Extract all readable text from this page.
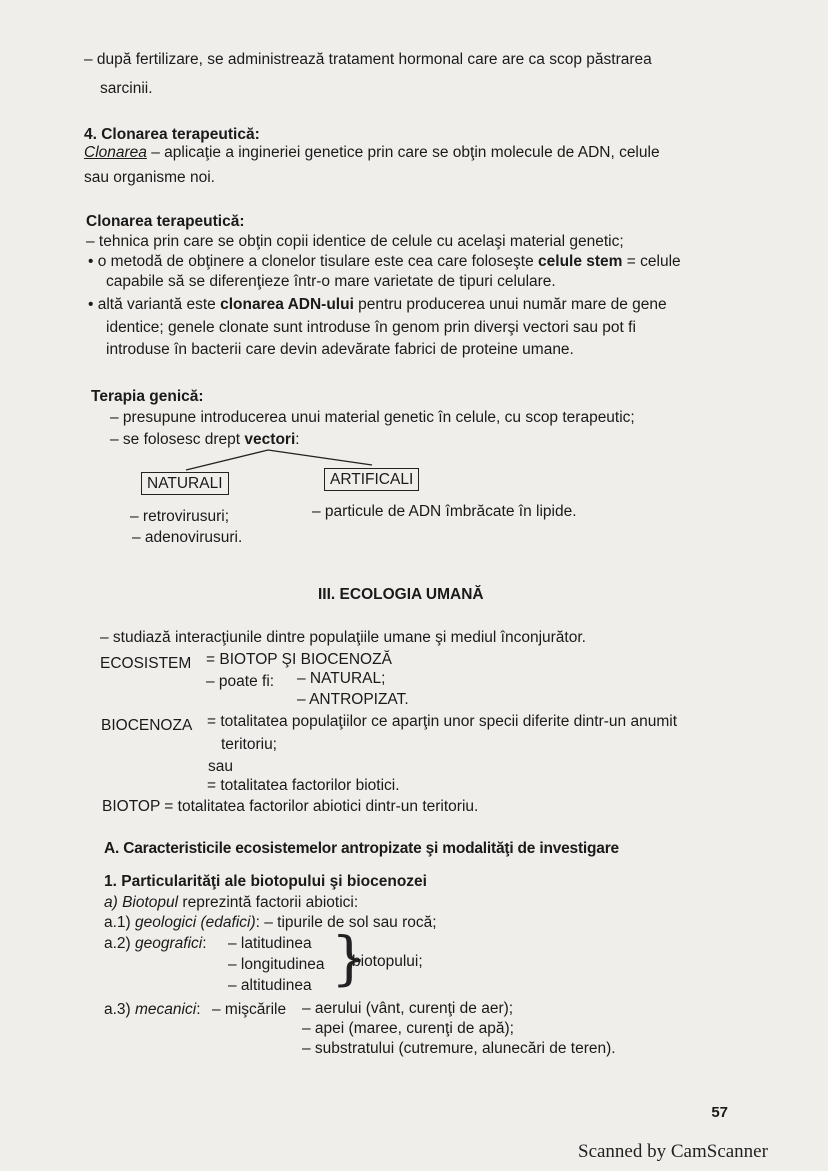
– după fertilizare, se administrează tratament hormonal care are ca scop păstrarea
sarcinii.
4. Clonarea terapeutică:
Clonarea – aplicaţie a ingineriei genetice prin care se obţin molecule de ADN, celule
sau organisme noi.
Clonarea terapeutică:
– tehnica prin care se obţin copii identice de celule cu acelaşi material genetic;
• o metodă de obţinere a clonelor tisulare este cea care foloseşte celule stem = celule
capabile să se diferenţieze într-o mare varietate de tipuri celulare.
• altă variantă este clonarea ADN-ului pentru producerea unui număr mare de gene
identice; genele clonate sunt introduse în genom prin diverşi vectori sau pot fi
introduse în bacterii care devin adevărate fabrici de proteine umane.
Terapia genică:
– presupune introducerea unui material genetic în celule, cu scop terapeutic;
– se folosesc drept vectori:
NATURALI	ARTIFICALI
– retrovirusuri;	– particule de ADN îmbrăcate în lipide.
– adenovirusuri.
III. ECOLOGIA UMANĂ
– studiază interacţiunile dintre populaţiile umane şi mediul înconjurător.
ECOSISTEM = BIOTOP ŞI BIOCENOZĂ
– poate fi: – NATURAL;
– ANTROPIZAT.
BIOCENOZA = totalitatea populaţiilor ce aparţin unor specii diferite dintr-un anumit
teritoriu;
sau
= totalitatea factorilor biotici.
BIOTOP = totalitatea factorilor abiotici dintr-un teritoriu.
A. Caracteristicile ecosistemelor antropizate şi modalităţi de investigare
1. Particularităţi ale biotopului şi biocenozei
a) Biotopul reprezintă factorii abiotici:
a.1) geologici (edafici): – tipurile de sol sau rocă;
a.2) geografici: – latitudinea
– longitudinea
– altitudinea }
biotopului;
a.3) mecanici: – mişcările – aerului (vânt, curenţi de aer);
– apei (maree, curenţi de apă);
– substratului (cutremure, alunecări de teren).
57
Scanned by CamScanner
